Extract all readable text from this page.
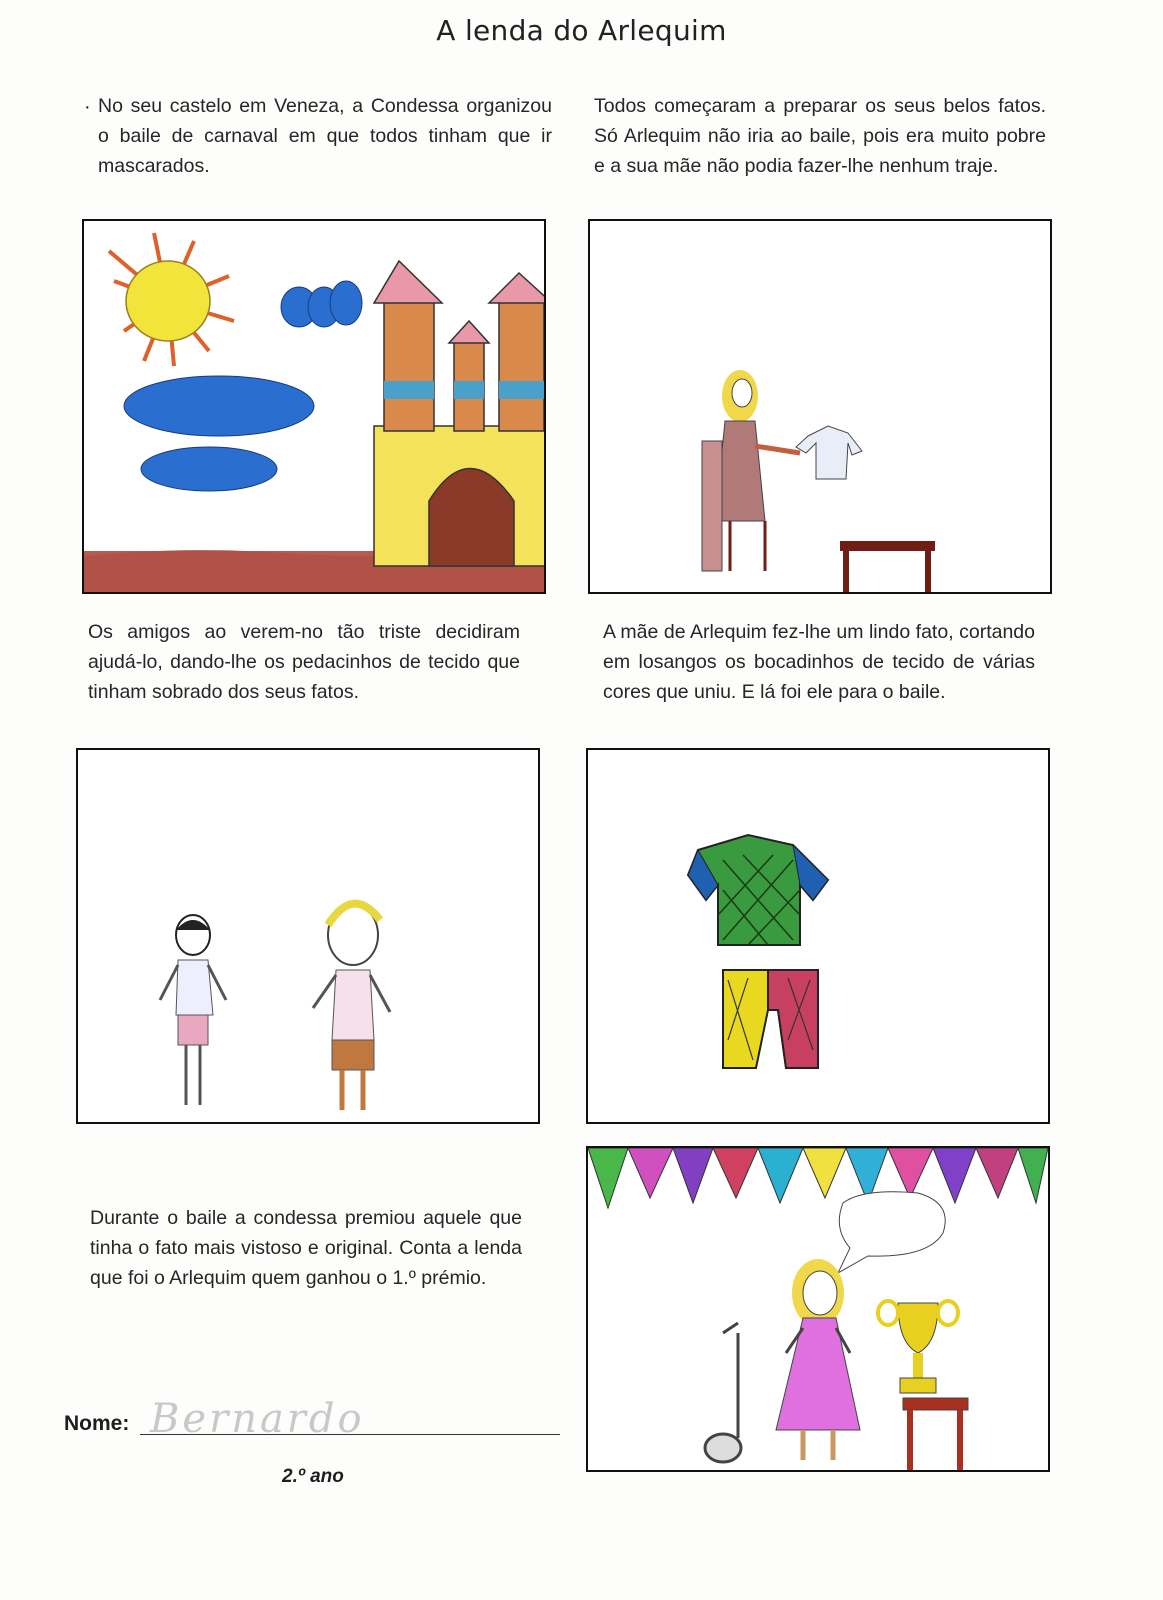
A lenda do Arlequim
· No seu castelo em Veneza, a Condessa organizou o baile de carnaval em que todos tinham que ir mascarados.
Todos começaram a preparar os seus belos fatos. Só Arlequim não iria ao baile, pois era muito pobre e a sua mãe não podia fazer-lhe nenhum traje.
Os amigos ao verem-no tão triste decidiram ajudá-lo, dando-lhe os pedacinhos de tecido que tinham sobrado dos seus fatos.
A mãe de Arlequim fez-lhe um lindo fato, cortando em losangos os bocadinhos de tecido de várias cores que uniu. E lá foi ele para o baile.
Durante o baile a condessa premiou aquele que tinha o fato mais vistoso e original. Conta a lenda que foi o Arlequim quem ganhou o 1.º prémio.
Nome: Bernardo
2.º ano
